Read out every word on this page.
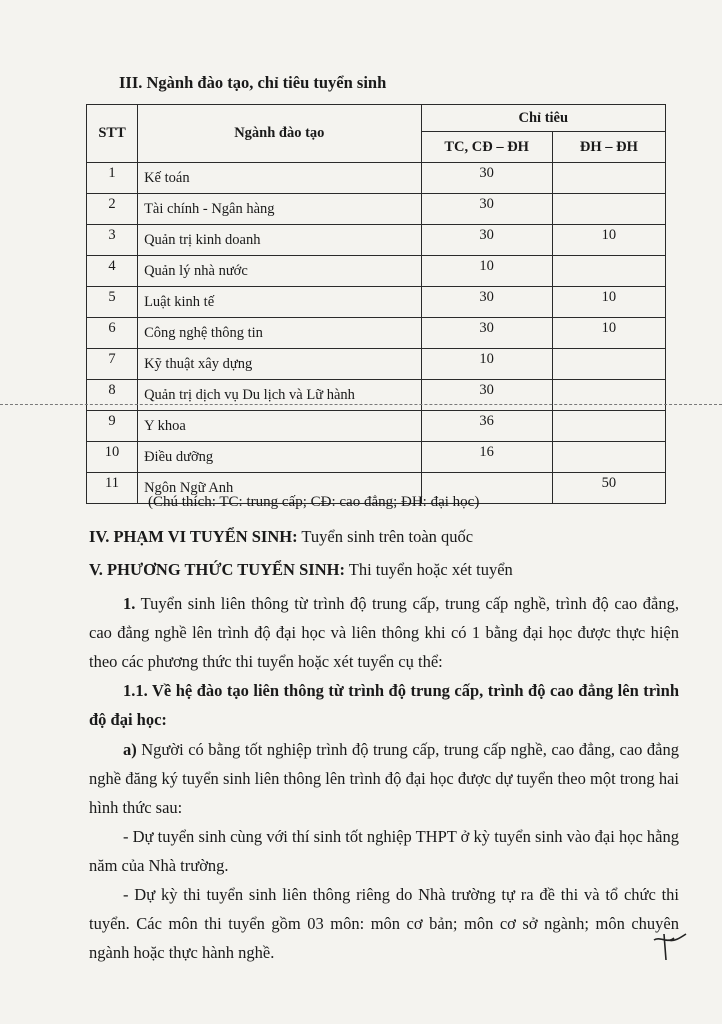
III. Ngành đào tạo, chỉ tiêu tuyển sinh
STT	Ngành đào tạo	Chỉ tiêu	
		TC, CĐ – ĐH	ĐH – ĐH
1	Kế toán	30	
2	Tài chính - Ngân hàng	30	
3	Quản trị kinh doanh	30	10
4	Quản lý nhà nước	10	
5	Luật kinh tế	30	10
6	Công nghệ thông tin	30	10
7	Kỹ thuật xây dựng	10	
8	Quản trị dịch vụ Du lịch và Lữ hành	30	
9	Y khoa	36	
10	Điều dưỡng	16	
11	Ngôn Ngữ Anh		50
(Chú thích: TC: trung cấp; CĐ: cao đẳng; ĐH: đại học)
IV. PHẠM VI TUYỂN SINH: Tuyển sinh trên toàn quốc
V. PHƯƠNG THỨC TUYỂN SINH: Thi tuyển hoặc xét tuyển
1. Tuyển sinh liên thông từ trình độ trung cấp, trung cấp nghề, trình độ cao đẳng, cao đẳng nghề lên trình độ đại học và liên thông khi có 1 bằng đại học được thực hiện theo các phương thức thi tuyển hoặc xét tuyển cụ thể:
1.1. Về hệ đào tạo liên thông từ trình độ trung cấp, trình độ cao đẳng lên trình độ đại học:
a) Người có bằng tốt nghiệp trình độ trung cấp, trung cấp nghề, cao đẳng, cao đẳng nghề đăng ký tuyển sinh liên thông lên trình độ đại học được dự tuyển theo một trong hai hình thức sau:
- Dự tuyển sinh cùng với thí sinh tốt nghiệp THPT ở kỳ tuyển sinh vào đại học hằng năm của Nhà trường.
- Dự kỳ thi tuyển sinh liên thông riêng do Nhà trường tự ra đề thi và tổ chức thi tuyển. Các môn thi tuyển gồm 03 môn: môn cơ bản; môn cơ sở ngành; môn chuyên ngành hoặc thực hành nghề.
